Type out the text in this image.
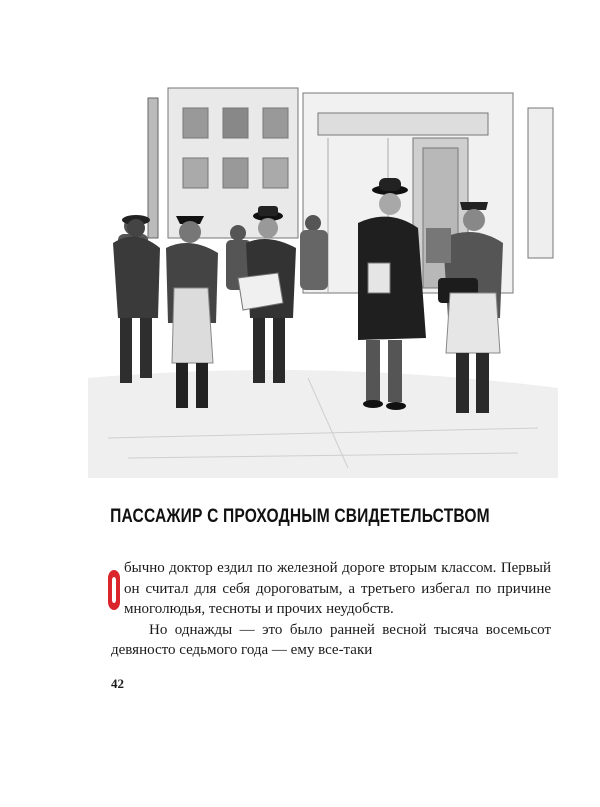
ПАССАЖИР С ПРОХОДНЫМ СВИДЕТЕЛЬСТВОМ

бычно доктор ездил по железной дороге вторым классом. Первый он считал для себя дороговатым, а третьего избегал по причине многолюдья, тесноты и прочих неудобств.

Но однажды — это было ранней весной тысяча восемьсот девяносто седьмого года — ему все-таки

42
